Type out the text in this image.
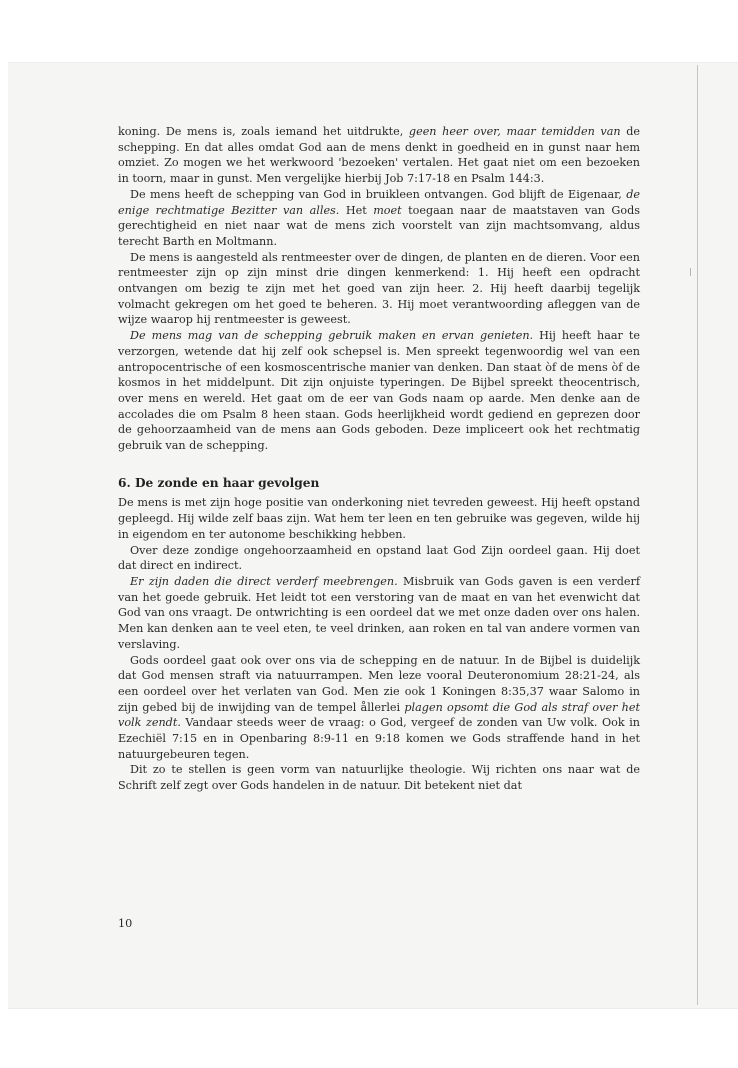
koning. De mens is, zoals iemand het uitdrukte, geen heer over, maar temidden van de schepping. En dat alles omdat God aan de mens denkt in goedheid en in gunst naar hem omziet. Zo mogen we het werkwoord 'bezoeken' vertalen. Het gaat niet om een bezoeken in toorn, maar in gunst. Men vergelijke hierbij Job 7:17-18 en Psalm 144:3.

De mens heeft de schepping van God in bruikleen ontvangen. God blijft de Eigenaar, de enige rechtmatige Bezitter van alles. Het moet toegaan naar de maatstaven van Gods gerechtigheid en niet naar wat de mens zich voorstelt van zijn machtsomvang, aldus terecht Barth en Moltmann.

De mens is aangesteld als rentmeester over de dingen, de planten en de dieren. Voor een rentmeester zijn op zijn minst drie dingen kenmerkend: 1. Hij heeft een opdracht ontvangen om bezig te zijn met het goed van zijn heer. 2. Hij heeft daarbij tegelijk volmacht gekregen om het goed te beheren. 3. Hij moet verantwoording afleggen van de wijze waarop hij rentmeester is geweest.

De mens mag van de schepping gebruik maken en ervan genieten. Hij heeft haar te verzorgen, wetende dat hij zelf ook schepsel is. Men spreekt tegenwoordig wel van een antropocentrische of een kosmoscentrische manier van denken. Dan staat òf de mens òf de kosmos in het middelpunt. Dit zijn onjuiste typeringen. De Bijbel spreekt theocentrisch, over mens en wereld. Het gaat om de eer van Gods naam op aarde. Men denke aan de accolades die om Psalm 8 heen staan. Gods heerlijkheid wordt gediend en geprezen door de gehoorzaamheid van de mens aan Gods geboden. Deze impliceert ook het rechtmatig gebruik van de schepping.

6. De zonde en haar gevolgen

De mens is met zijn hoge positie van onderkoning niet tevreden geweest. Hij heeft opstand gepleegd. Hij wilde zelf baas zijn. Wat hem ter leen en ten gebruike was gegeven, wilde hij in eigendom en ter autonome beschikking hebben.

Over deze zondige ongehoorzaamheid en opstand laat God Zijn oordeel gaan. Hij doet dat direct en indirect.

Er zijn daden die direct verderf meebrengen. Misbruik van Gods gaven is een verderf van het goede gebruik. Het leidt tot een verstoring van de maat en van het evenwicht dat God van ons vraagt. De ontwrichting is een oordeel dat we met onze daden over ons halen. Men kan denken aan te veel eten, te veel drinken, aan roken en tal van andere vormen van verslaving.

Gods oordeel gaat ook over ons via de schepping en de natuur. In de Bijbel is duidelijk dat God mensen straft via natuurrampen. Men leze vooral Deuteronomium 28:21-24, als een oordeel over het verlaten van God. Men zie ook 1 Koningen 8:35,37 waar Salomo in zijn gebed bij de inwijding van de tempel ållerlei plagen opsomt die God als straf over het volk zendt. Vandaar steeds weer de vraag: o God, vergeef de zonden van Uw volk. Ook in Ezechiël 7:15 en in Openbaring 8:9-11 en 9:18 komen we Gods straffende hand in het natuurgebeuren tegen.

Dit zo te stellen is geen vorm van natuurlijke theologie. Wij richten ons naar wat de Schrift zelf zegt over Gods handelen in de natuur. Dit betekent niet dat

10
